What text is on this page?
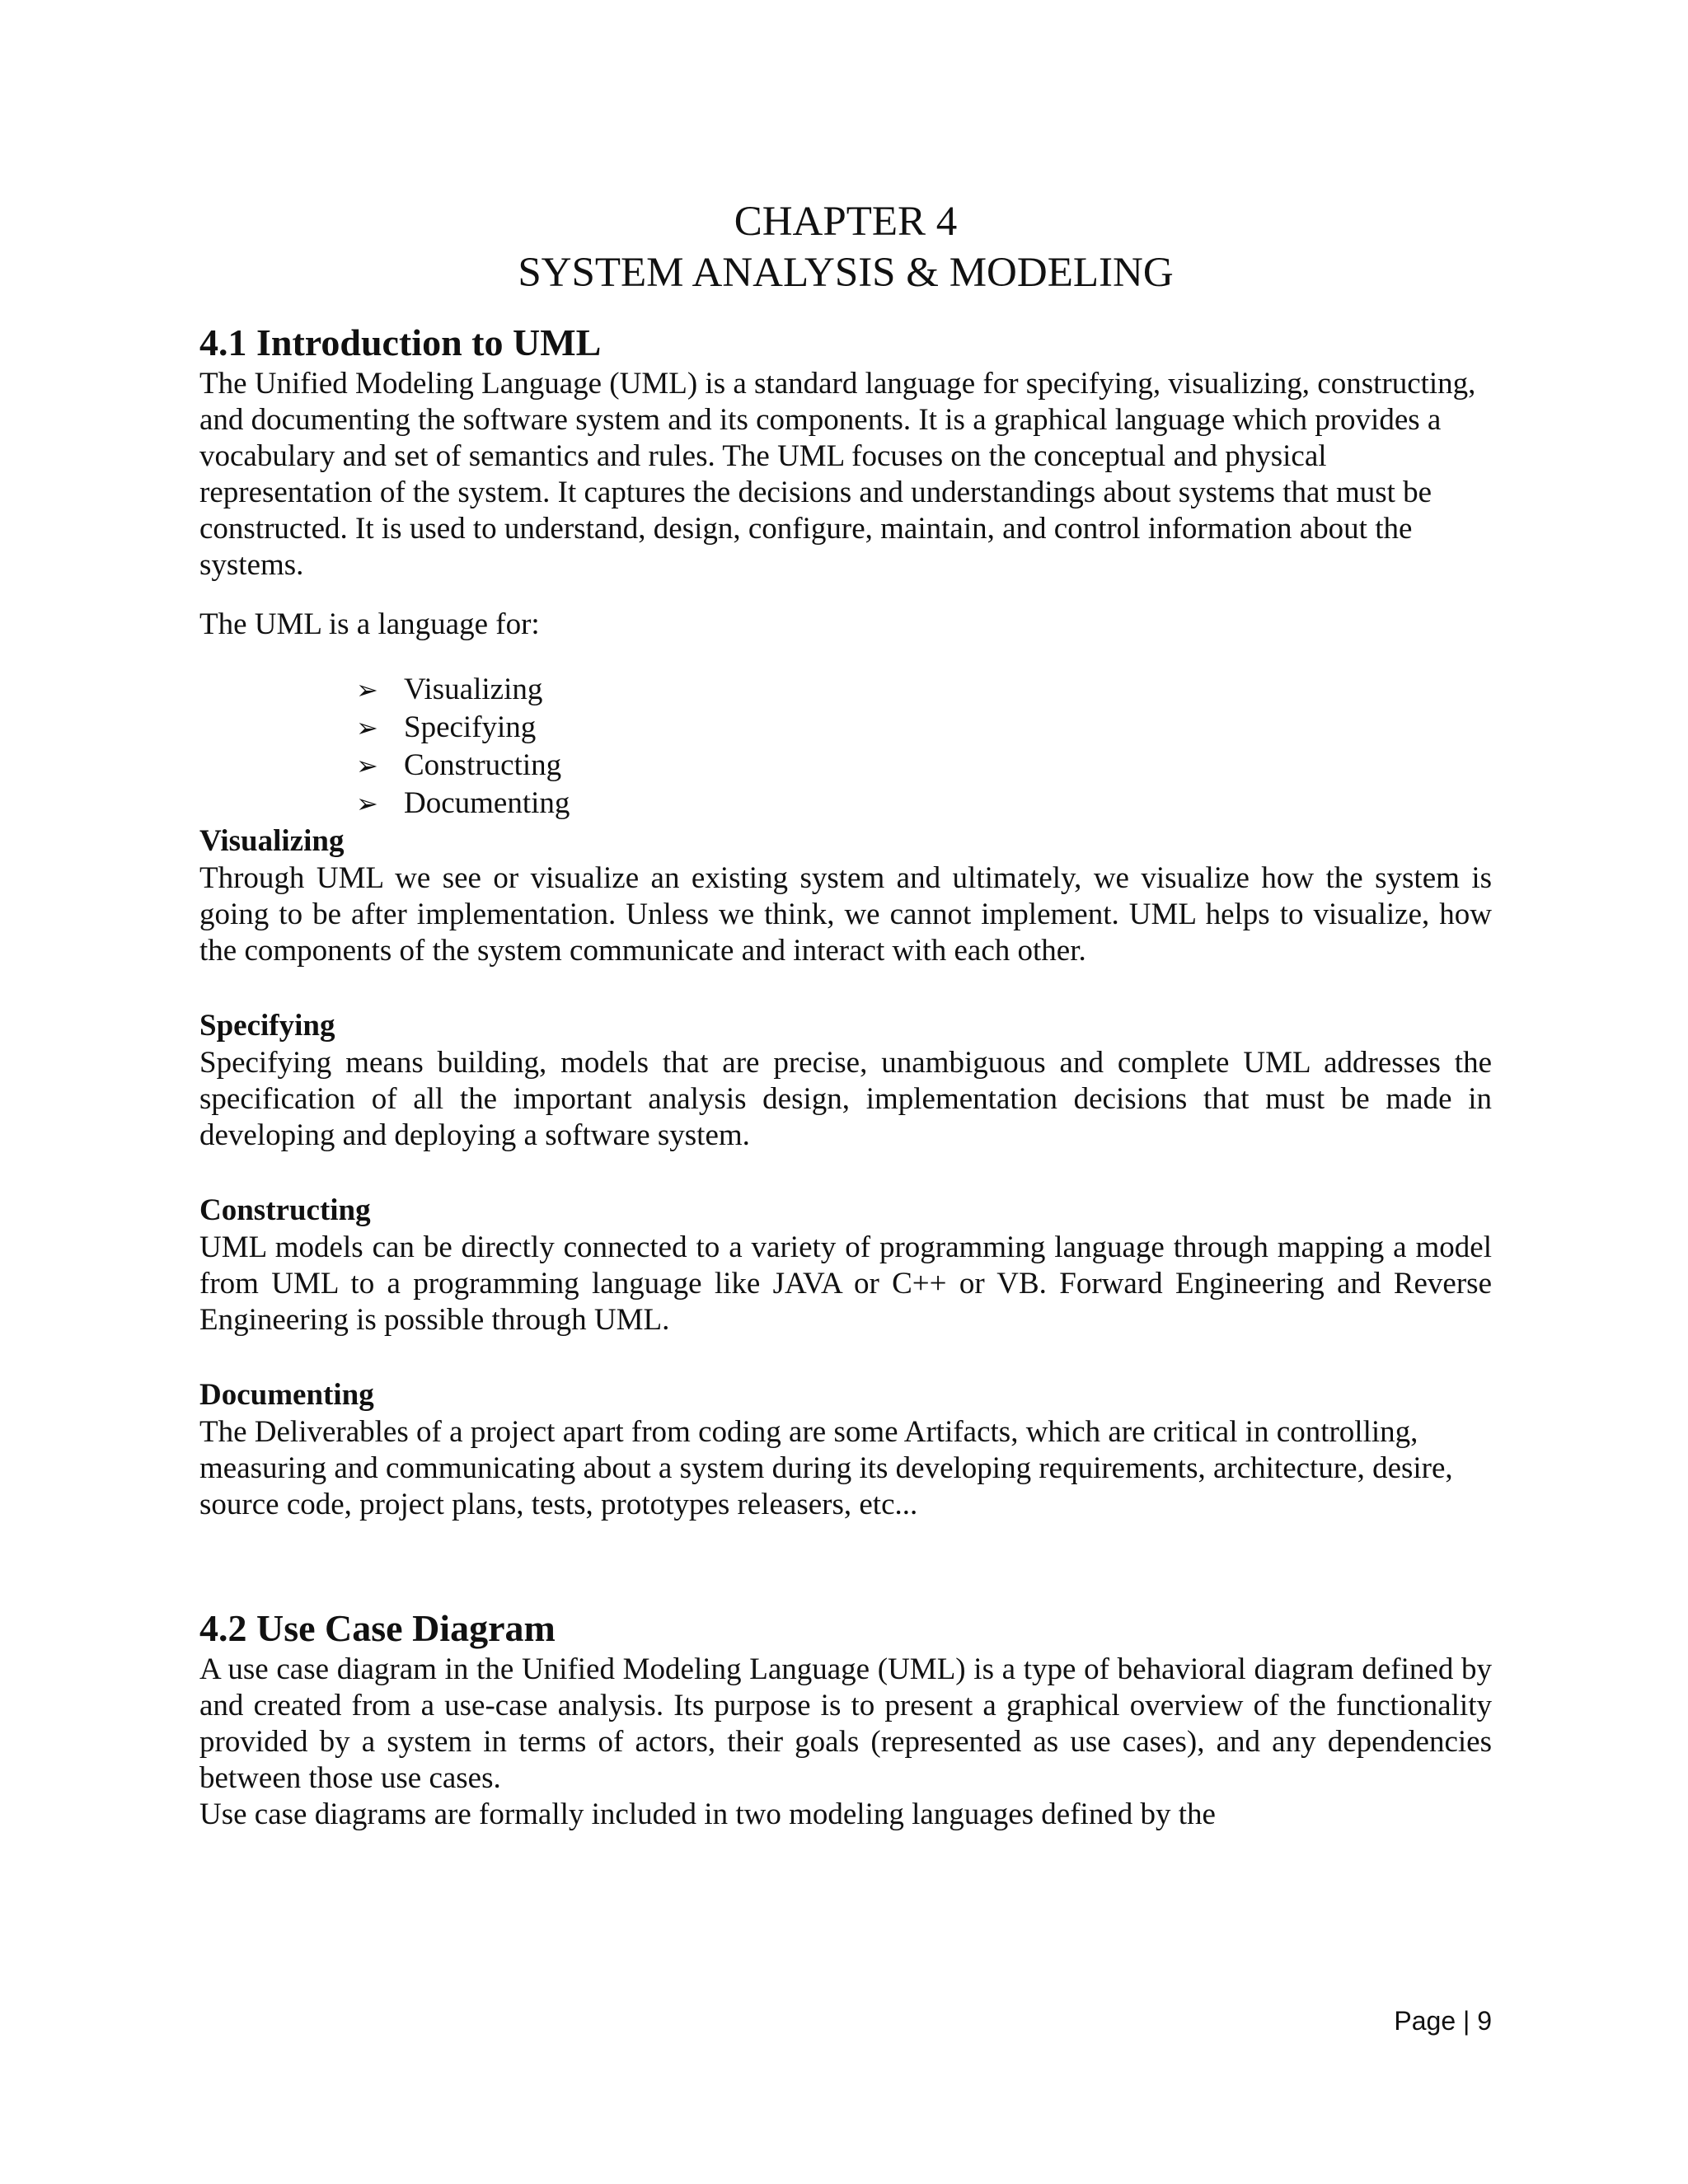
CHAPTER 4
SYSTEM ANALYSIS & MODELING
4.1 Introduction to UML

The Unified Modeling Language (UML) is a standard language for specifying, visualizing, constructing, and documenting the software system and its components. It is a graphical language which provides a vocabulary and set of semantics and rules. The UML focuses on the conceptual and physical representation of the system. It captures the decisions and understandings about systems that must be constructed. It is used to understand, design, configure, maintain, and control information about the systems.

The UML is a language for:

➢ Visualizing
➢ Specifying
➢ Constructing
➢ Documenting
Visualizing

Through UML we see or visualize an existing system and ultimately, we visualize how the system is going to be after implementation. Unless we think, we cannot implement. UML helps to visualize, how the components of the system communicate and interact with each other.

Specifying

Specifying means building, models that are precise, unambiguous and complete UML addresses the specification of all the important analysis design, implementation decisions that must be made in developing and deploying a software system.

Constructing

UML models can be directly connected to a variety of programming language through mapping a model from UML to a programming language like JAVA or C++ or VB. Forward Engineering and Reverse Engineering is possible through UML.

Documenting

The Deliverables of a project apart from coding are some Artifacts, which are critical in controlling, measuring and communicating about a system during its developing requirements, architecture, desire, source code, project plans, tests, prototypes releasers, etc...

4.2 Use Case Diagram

A use case diagram in the Unified Modeling Language (UML) is a type of behavioral diagram defined by and created from a use-case analysis. Its purpose is to present a graphical overview of the functionality provided by a system in terms of actors, their goals (represented as use cases), and any dependencies between those use cases.

Use case diagrams are formally included in two modeling languages defined by the

Page | 9
